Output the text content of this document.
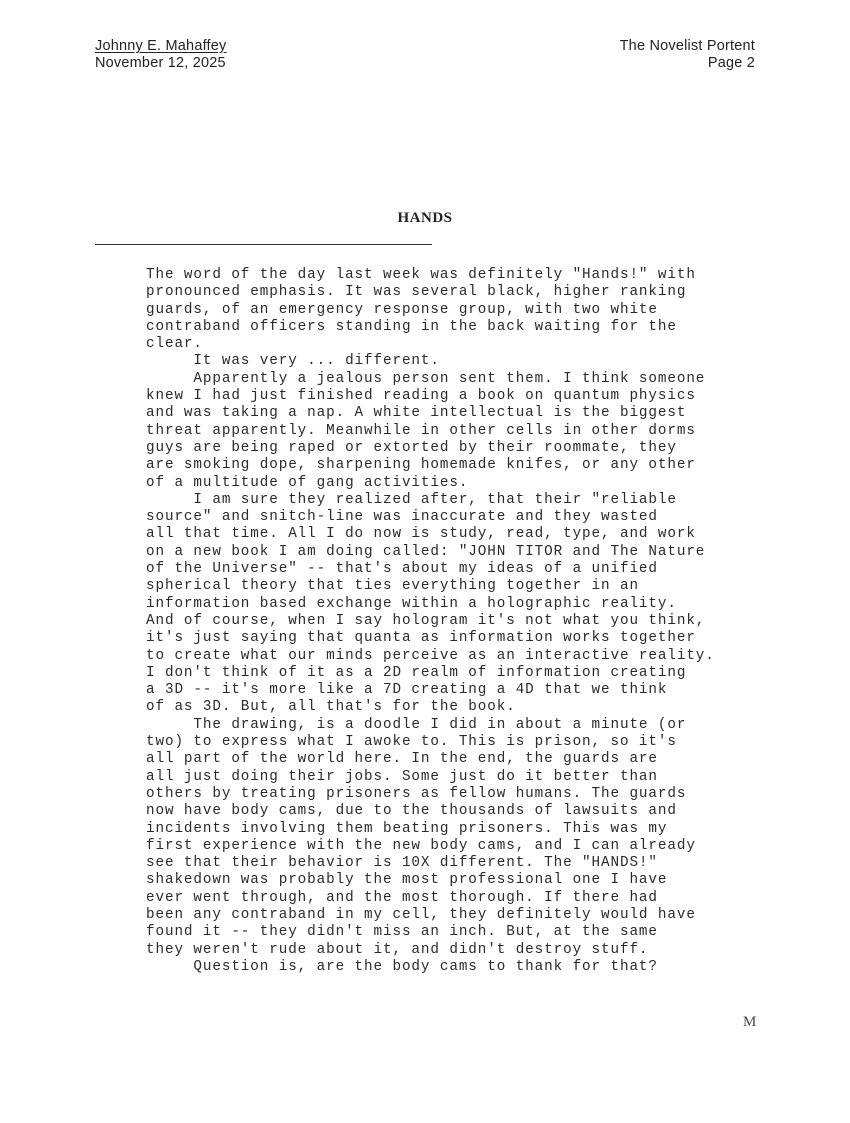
Johnny E. Mahaffey
November 12, 2025
The Novelist Portent
Page 2
HANDS
The word of the day last week was definitely "Hands!" with
pronounced emphasis. It was several black, higher ranking
guards, of an emergency response group, with two white
contraband officers standing in the back waiting for the
clear.
It was very ... different.
Apparently a jealous person sent them. I think someone
knew I had just finished reading a book on quantum physics
and was taking a nap. A white intellectual is the biggest
threat apparently. Meanwhile in other cells in other dorms
guys are being raped or extorted by their roommate, they
are smoking dope, sharpening homemade knifes, or any other
of a multitude of gang activities.
I am sure they realized after, that their "reliable
source" and snitch-line was inaccurate and they wasted
all that time. All I do now is study, read, type, and work
on a new book I am doing called: "JOHN TITOR and The Nature
of the Universe" -- that's about my ideas of a unified
spherical theory that ties everything together in an
information based exchange within a holographic reality.
And of course, when I say hologram it's not what you think,
it's just saying that quanta as information works together
to create what our minds perceive as an interactive reality.
I don't think of it as a 2D realm of information creating
a 3D -- it's more like a 7D creating a 4D that we think
of as 3D. But, all that's for the book.
The drawing, is a doodle I did in about a minute (or
two) to express what I awoke to. This is prison, so it's
all part of the world here. In the end, the guards are
all just doing their jobs. Some just do it better than
others by treating prisoners as fellow humans. The guards
now have body cams, due to the thousands of lawsuits and
incidents involving them beating prisoners. This was my
first experience with the new body cams, and I can already
see that their behavior is 10X different. The "HANDS!"
shakedown was probably the most professional one I have
ever went through, and the most thorough. If there had
been any contraband in my cell, they definitely would have
found it -- they didn't miss an inch. But, at the same
they weren't rude about it, and didn't destroy stuff.
Question is, are the body cams to thank for that?
M
